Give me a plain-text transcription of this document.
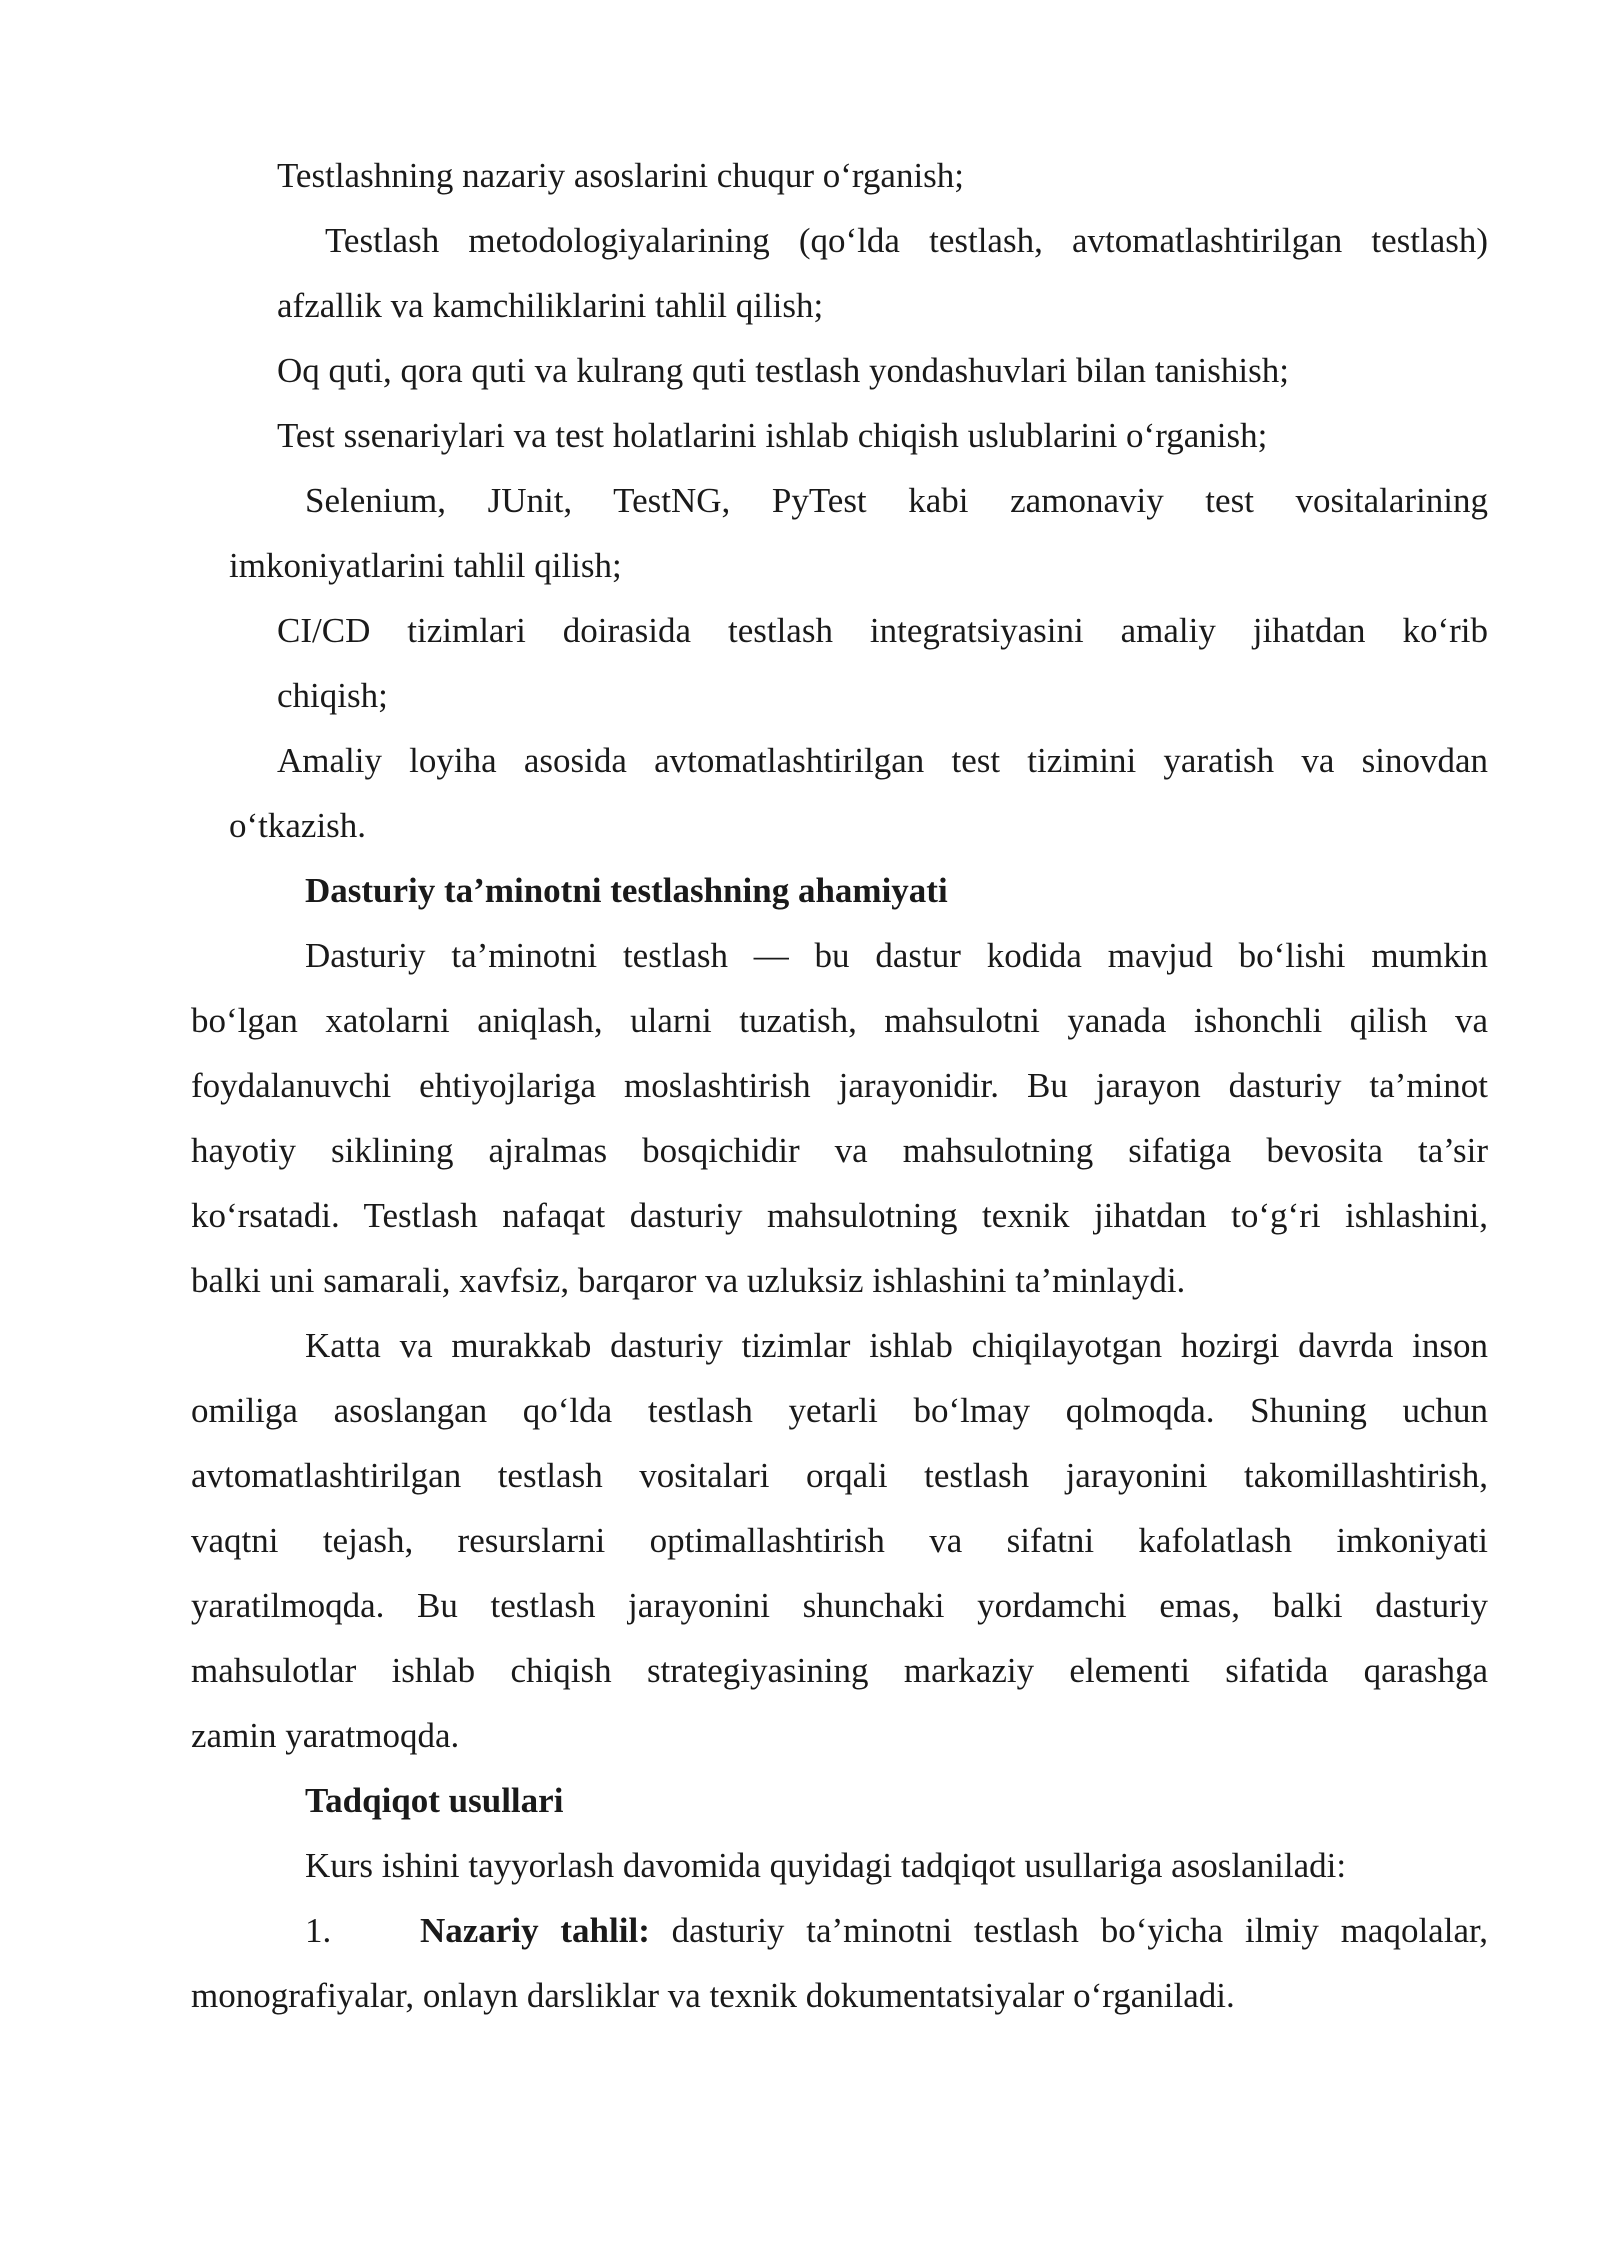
Testlashning nazariy asoslarini chuqur o‘rganish;

Testlash metodologiyalarining (qo‘lda testlash, avtomatlashtirilgan testlash)

afzallik va kamchiliklarini tahlil qilish;

Oq quti, qora quti va kulrang quti testlash yondashuvlari bilan tanishish;

Test ssenariylari va test holatlarini ishlab chiqish uslublarini o‘rganish;

Selenium, JUnit, TestNG, PyTest kabi zamonaviy test vositalarining

imkoniyatlarini tahlil qilish;

CI/CD tizimlari doirasida testlash integratsiyasini amaliy jihatdan ko‘rib

chiqish;

Amaliy loyiha asosida avtomatlashtirilgan test tizimini yaratish va sinovdan

o‘tkazish.

Dasturiy ta’minotni testlashning ahamiyati

Dasturiy ta’minotni testlash — bu dastur kodida mavjud bo‘lishi mumkin

bo‘lgan xatolarni aniqlash, ularni tuzatish, mahsulotni yanada ishonchli qilish va

foydalanuvchi ehtiyojlariga moslashtirish jarayonidir. Bu jarayon dasturiy ta’minot

hayotiy siklining ajralmas bosqichidir va mahsulotning sifatiga bevosita ta’sir

ko‘rsatadi. Testlash nafaqat dasturiy mahsulotning texnik jihatdan to‘g‘ri ishlashini,

balki uni samarali, xavfsiz, barqaror va uzluksiz ishlashini ta’minlaydi.

Katta va murakkab dasturiy tizimlar ishlab chiqilayotgan hozirgi davrda inson

omiliga asoslangan qo‘lda testlash yetarli bo‘lmay qolmoqda. Shuning uchun

avtomatlashtirilgan testlash vositalari orqali testlash jarayonini takomillashtirish,

vaqtni tejash, resurslarni optimallashtirish va sifatni kafolatlash imkoniyati

yaratilmoqda. Bu testlash jarayonini shunchaki yordamchi emas, balki dasturiy

mahsulotlar ishlab chiqish strategiyasining markaziy elementi sifatida qarashga

zamin yaratmoqda.

Tadqiqot usullari

Kurs ishini tayyorlash davomida quyidagi tadqiqot usullariga asoslaniladi:

1.	Nazariy tahlil: dasturiy ta’minotni testlash bo‘yicha ilmiy maqolalar,

monografiyalar, onlayn darsliklar va texnik dokumentatsiyalar o‘rganiladi.
